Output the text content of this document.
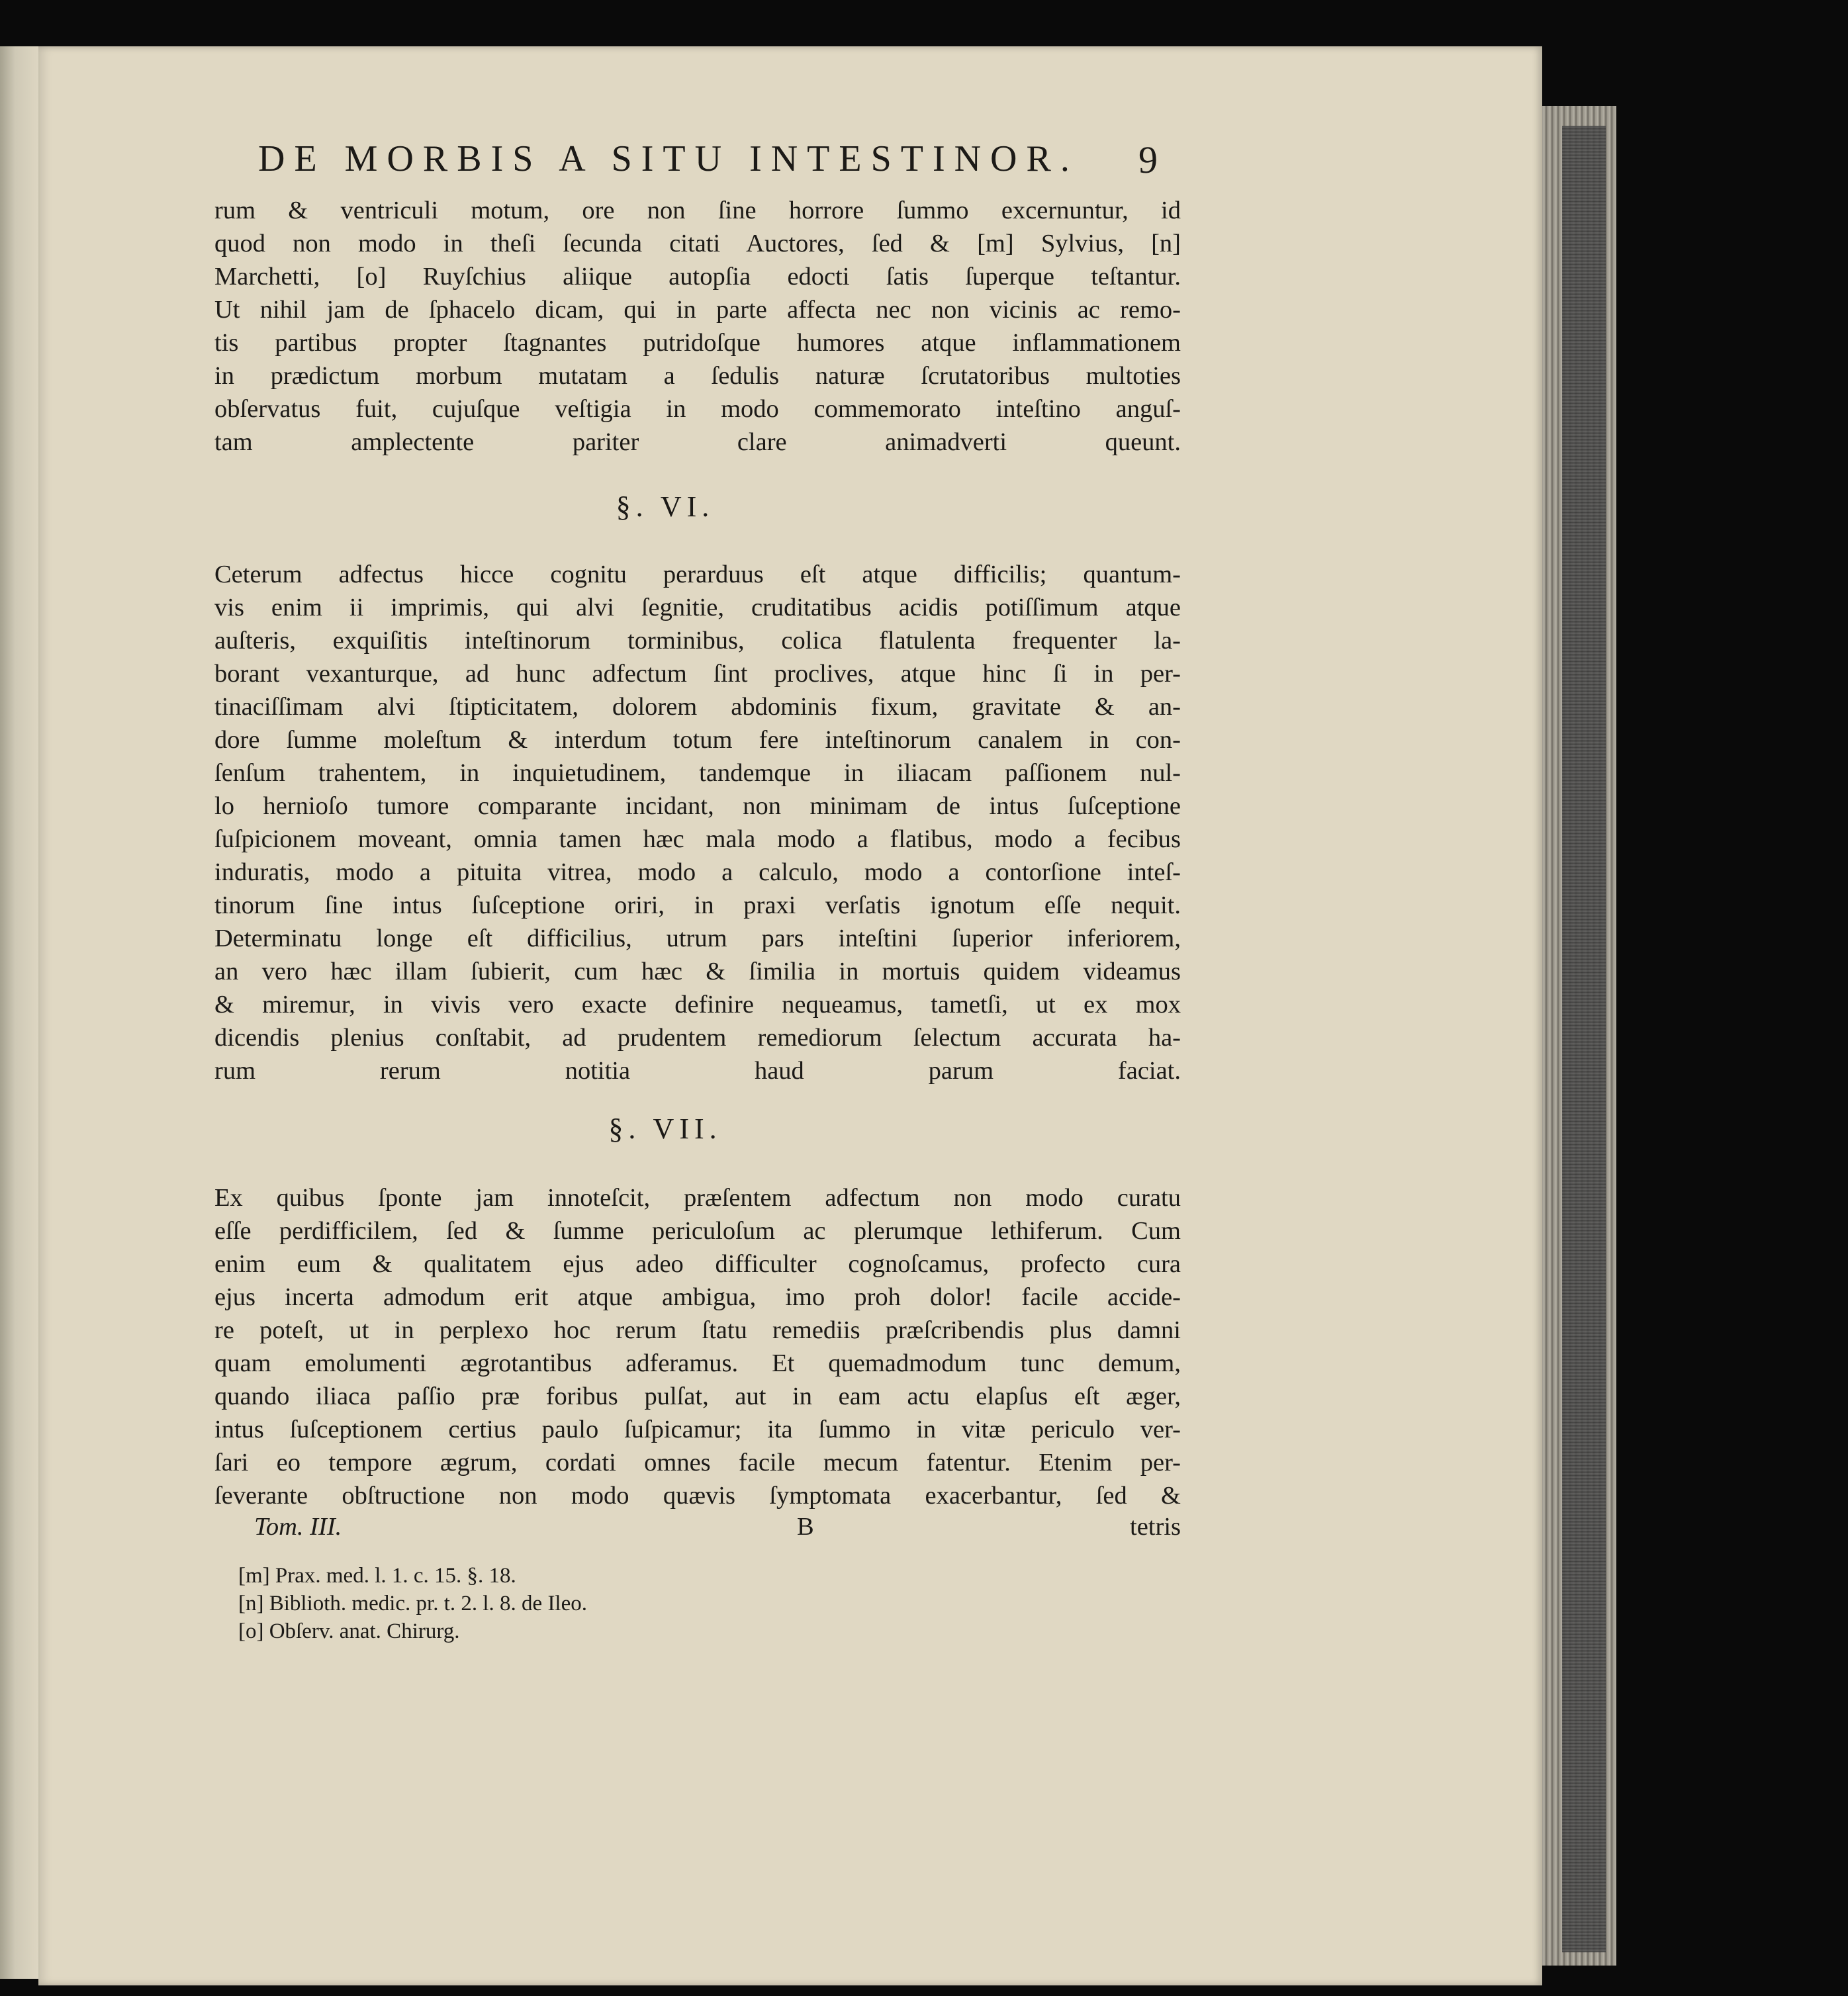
DE MORBIS A SITU INTESTINOR.	9
rum & ventriculi motum, ore non ſine horrore ſummo excernuntur, id
quod non modo in theſi ſecunda citati Auctores, ſed & [m] Sylvius, [n]
Marchetti, [o] Ruyſchius aliique autopſia edocti ſatis ſuperque teſtantur.
Ut nihil jam de ſphacelo dicam, qui in parte affecta nec non vicinis ac remo-
tis partibus propter ſtagnantes putridoſque humores atque inflammationem
in prædictum morbum mutatam a ſedulis naturæ ſcrutatoribus multoties
obſervatus fuit, cujuſque veſtigia in modo commemorato inteſtino anguſ-
tam amplectente pariter clare animadverti queunt.
§. VI.
Ceterum adfectus hicce cognitu perarduus eſt atque difficilis; quantum-
vis enim ii imprimis, qui alvi ſegnitie, cruditatibus acidis potiſſimum atque
auſteris, exquiſitis inteſtinorum torminibus, colica flatulenta frequenter la-
borant vexanturque, ad hunc adfectum ſint proclives, atque hinc ſi in per-
tinaciſſimam alvi ſtipticitatem, dolorem abdominis fixum, gravitate & an-
dore ſumme moleſtum & interdum totum fere inteſtinorum canalem in con-
ſenſum trahentem, in inquietudinem, tandemque in iliacam paſſionem nul-
lo hernioſo tumore comparante incidant, non minimam de intus ſuſceptione
ſuſpicionem moveant, omnia tamen hæc mala modo a flatibus, modo a fecibus
induratis, modo a pituita vitrea, modo a calculo, modo a contorſione inteſ-
tinorum ſine intus ſuſceptione oriri, in praxi verſatis ignotum eſſe nequit.
Determinatu longe eſt difficilius, utrum pars inteſtini ſuperior inferiorem,
an vero hæc illam ſubierit, cum hæc & ſimilia in mortuis quidem videamus
& miremur, in vivis vero exacte definire nequeamus, tametſi, ut ex mox
dicendis plenius conſtabit, ad prudentem remediorum ſelectum accurata ha-
rum rerum notitia haud parum faciat.
§. VII.
Ex quibus ſponte jam innoteſcit, præſentem adfectum non modo curatu
eſſe perdifficilem, ſed & ſumme periculoſum ac plerumque lethiferum. Cum
enim eum & qualitatem ejus adeo difficulter cognoſcamus, profecto cura
ejus incerta admodum erit atque ambigua, imo proh dolor! facile accide-
re poteſt, ut in perplexo hoc rerum ſtatu remediis præſcribendis plus damni
quam emolumenti ægrotantibus adferamus. Et quemadmodum tunc demum,
quando iliaca paſſio præ foribus pulſat, aut in eam actu elapſus eſt æger,
intus ſuſceptionem certius paulo ſuſpicamur; ita ſummo in vitæ periculo ver-
ſari eo tempore ægrum, cordati omnes facile mecum fatentur. Etenim per-
ſeverante obſtructione non modo quævis ſymptomata exacerbantur, ſed &
Tom. III.	B	tetris
[m] Prax. med. l. 1. c. 15. §. 18.
[n] Biblioth. medic. pr. t. 2. l. 8. de Ileo.
[o] Obſerv. anat. Chirurg.
